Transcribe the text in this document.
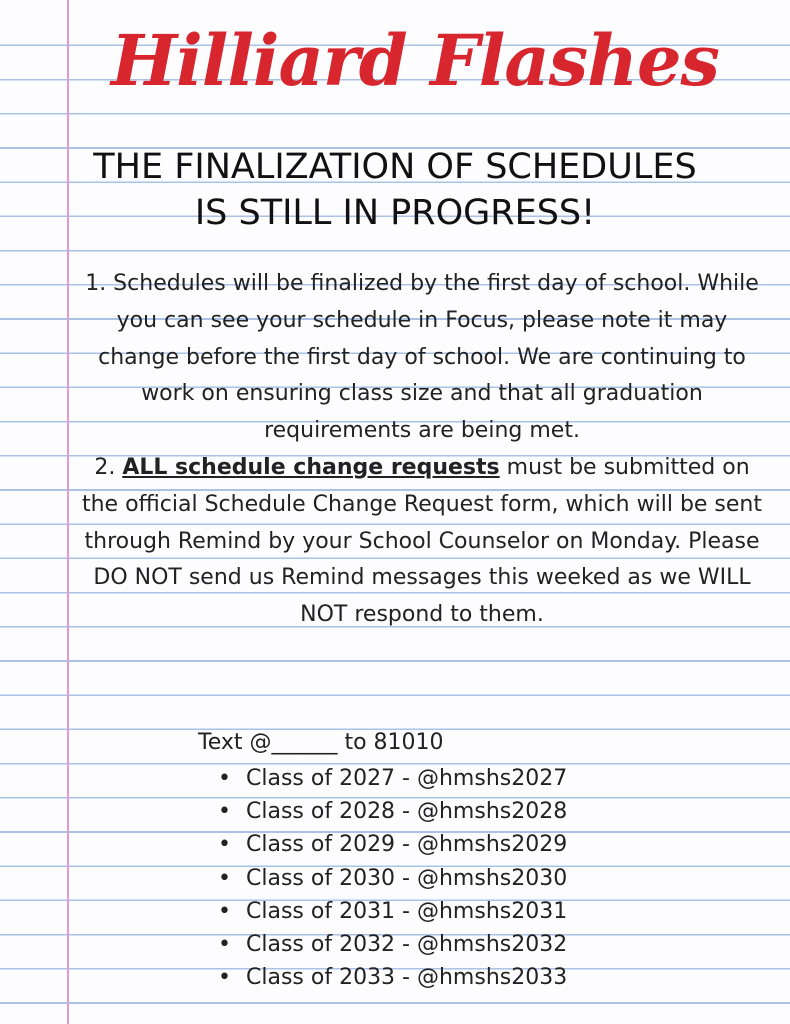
Hilliard Flashes
THE FINALIZATION OF SCHEDULES
IS STILL IN PROGRESS!

1. Schedules will be finalized by the first day of school. While you can see your schedule in Focus, please note it may change before the first day of school. We are continuing to work on ensuring class size and that all graduation requirements are being met.

2. ALL schedule change requests must be submitted on the official Schedule Change Request form, which will be sent through Remind by your School Counselor on Monday. Please DO NOT send us Remind messages this weeked as we WILL NOT respond to them.

Text @______ to 81010
• Class of 2027 - @hmshs2027
• Class of 2028 - @hmshs2028
• Class of 2029 - @hmshs2029
• Class of 2030 - @hmshs2030
• Class of 2031 - @hmshs2031
• Class of 2032 - @hmshs2032
• Class of 2033 - @hmshs2033
